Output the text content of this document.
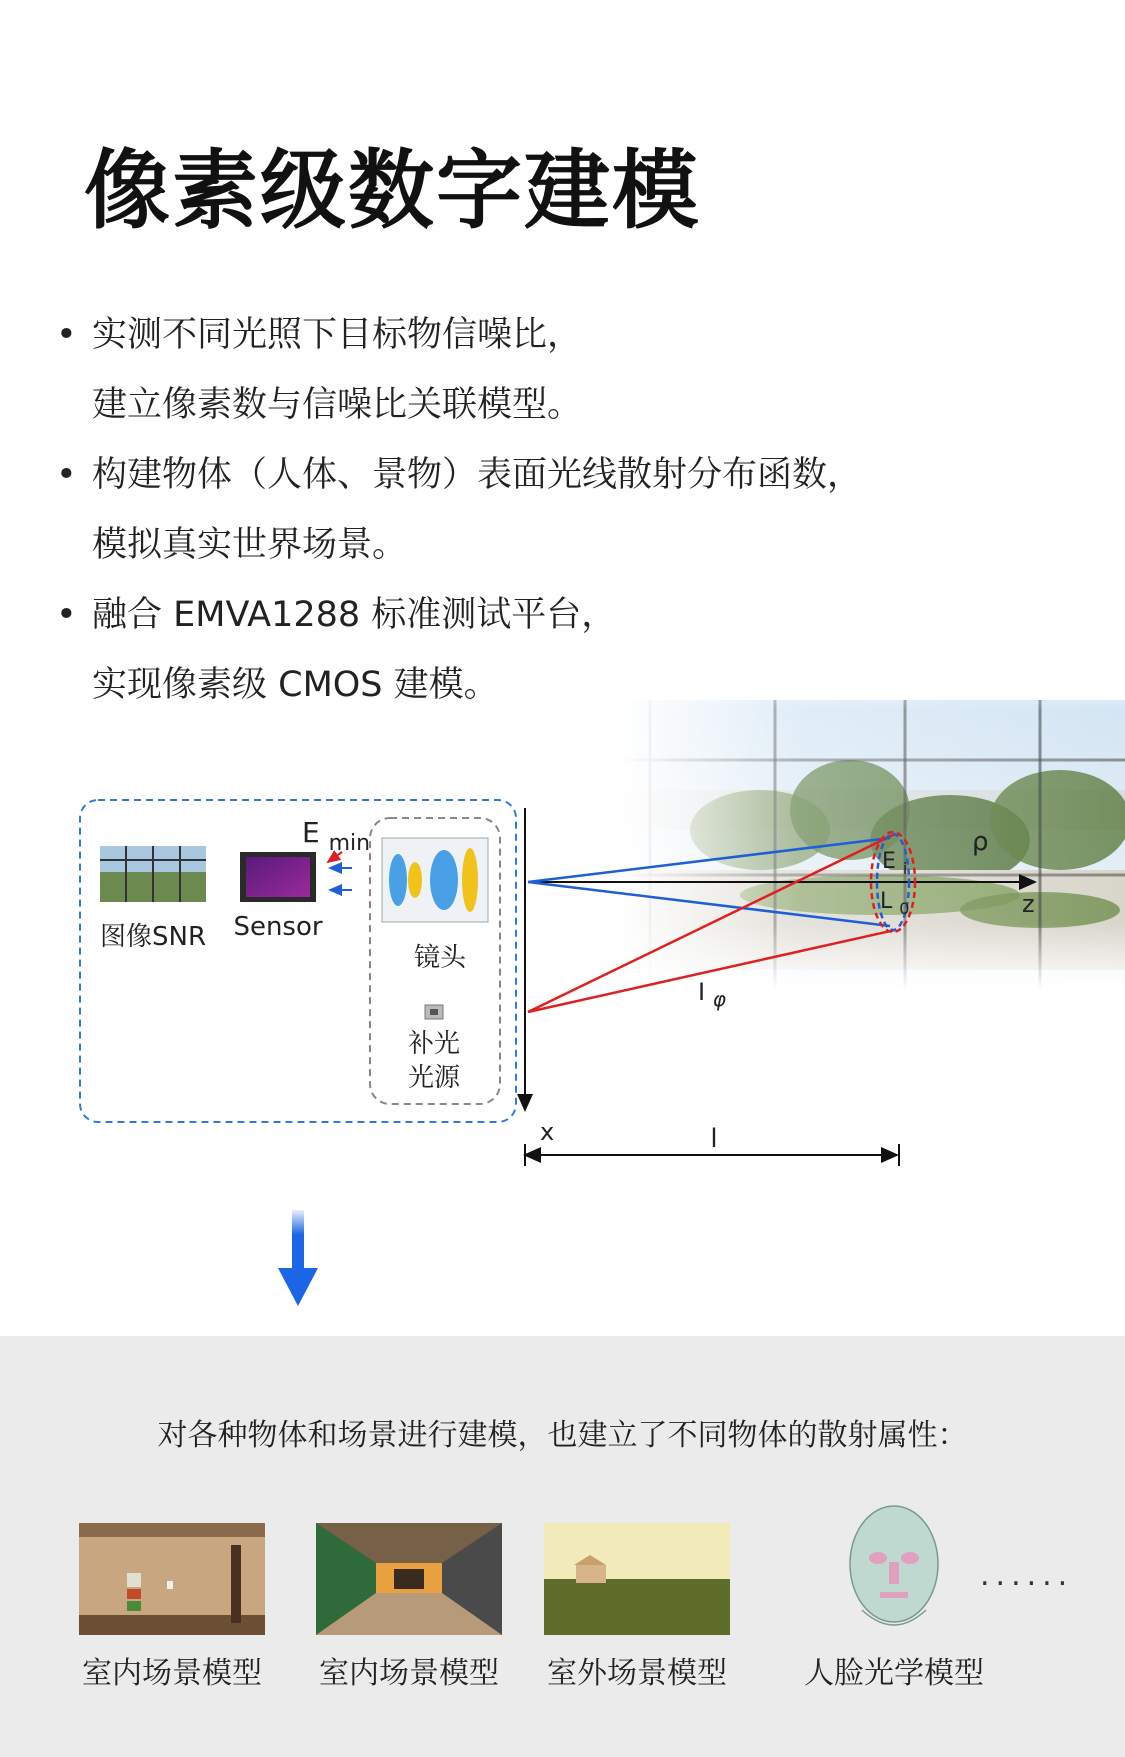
像素级数字建模
• 实测不同光照下目标物信噪比，
建立像素数与信噪比关联模型。
• 构建物体（人体、景物）表面光线散射分布函数，
模拟真实世界场景。
• 融合 EMVA1288 标准测试平台，
实现像素级 CMOS 建模。
图像SNR Sensor
E $_{min}$
镜头
补光
光源
x
z
E $_i$
L $_0$
ρ
I $_\varphi$
l
对各种物体和场景进行建模，也建立了不同物体的散射属性：
室内场景模型	室内场景模型	室外场景模型	人脸光学模型
......
